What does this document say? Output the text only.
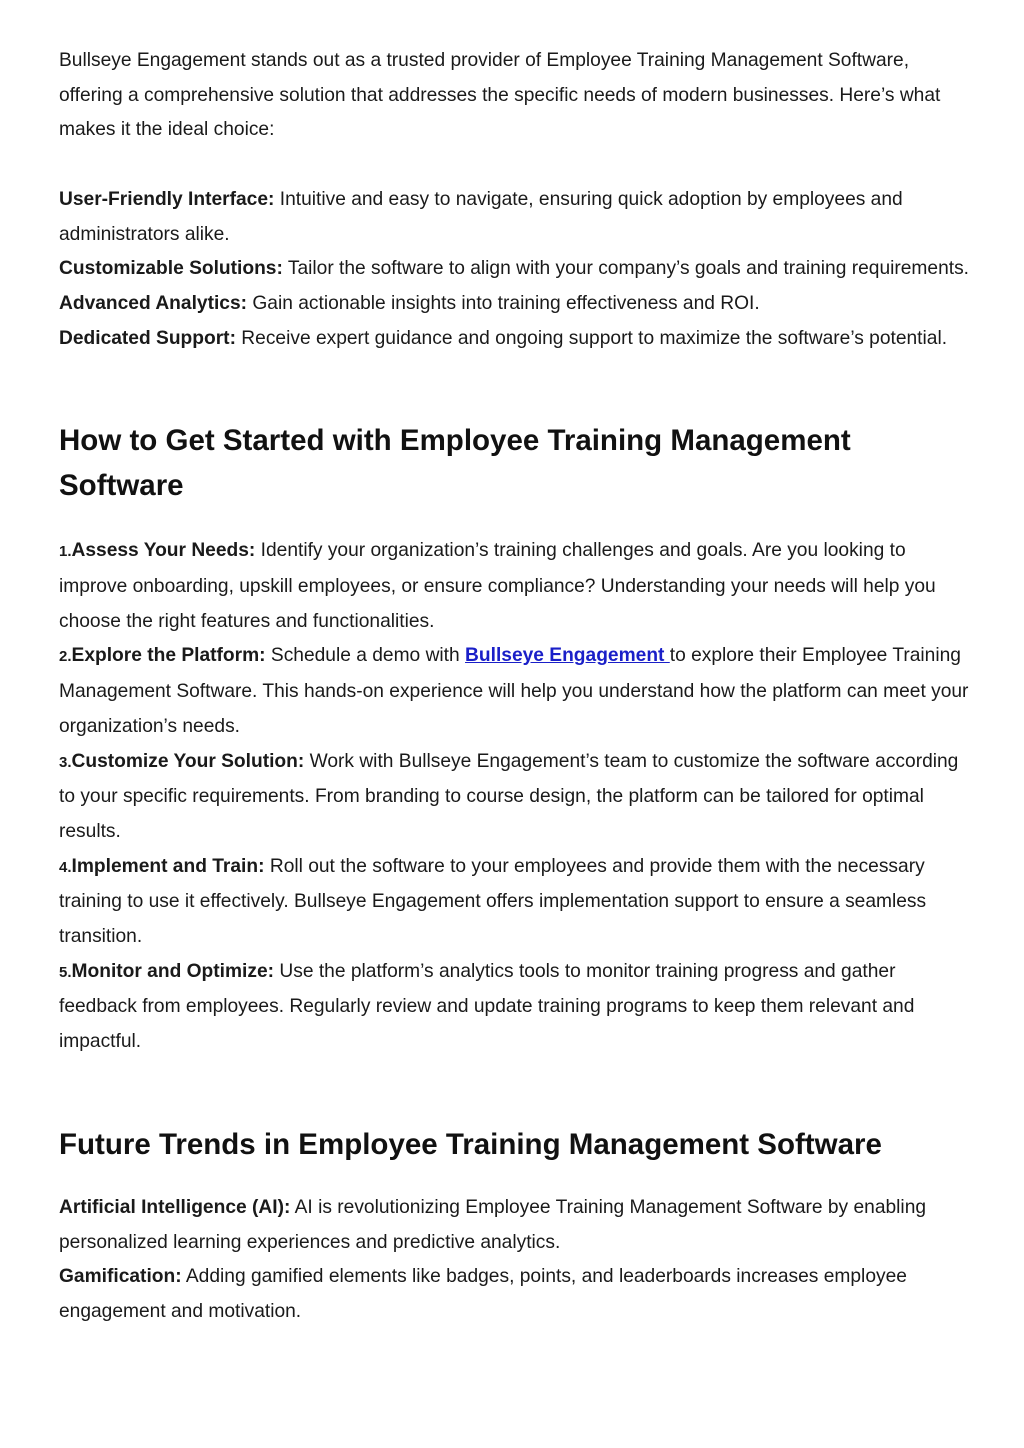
Bullseye Engagement stands out as a trusted provider of Employee Training Management Software, offering a comprehensive solution that addresses the specific needs of modern businesses. Here’s what makes it the ideal choice:

User-Friendly Interface: Intuitive and easy to navigate, ensuring quick adoption by employees and administrators alike.

Customizable Solutions: Tailor the software to align with your company’s goals and training requirements.

Advanced Analytics: Gain actionable insights into training effectiveness and ROI.

Dedicated Support: Receive expert guidance and ongoing support to maximize the software’s potential.

How to Get Started with Employee Training Management Software

1.Assess Your Needs: Identify your organization’s training challenges and goals. Are you looking to improve onboarding, upskill employees, or ensure compliance? Understanding your needs will help you choose the right features and functionalities.

2.Explore the Platform: Schedule a demo with Bullseye Engagement to explore their Employee Training Management Software. This hands-on experience will help you understand how the platform can meet your organization’s needs.

3.Customize Your Solution: Work with Bullseye Engagement’s team to customize the software according to your specific requirements. From branding to course design, the platform can be tailored for optimal results.

4.Implement and Train: Roll out the software to your employees and provide them with the necessary training to use it effectively. Bullseye Engagement offers implementation support to ensure a seamless transition.

5.Monitor and Optimize: Use the platform’s analytics tools to monitor training progress and gather feedback from employees. Regularly review and update training programs to keep them relevant and impactful.

Future Trends in Employee Training Management Software

Artificial Intelligence (AI): AI is revolutionizing Employee Training Management Software by enabling personalized learning experiences and predictive analytics.

Gamification: Adding gamified elements like badges, points, and leaderboards increases employee engagement and motivation.
